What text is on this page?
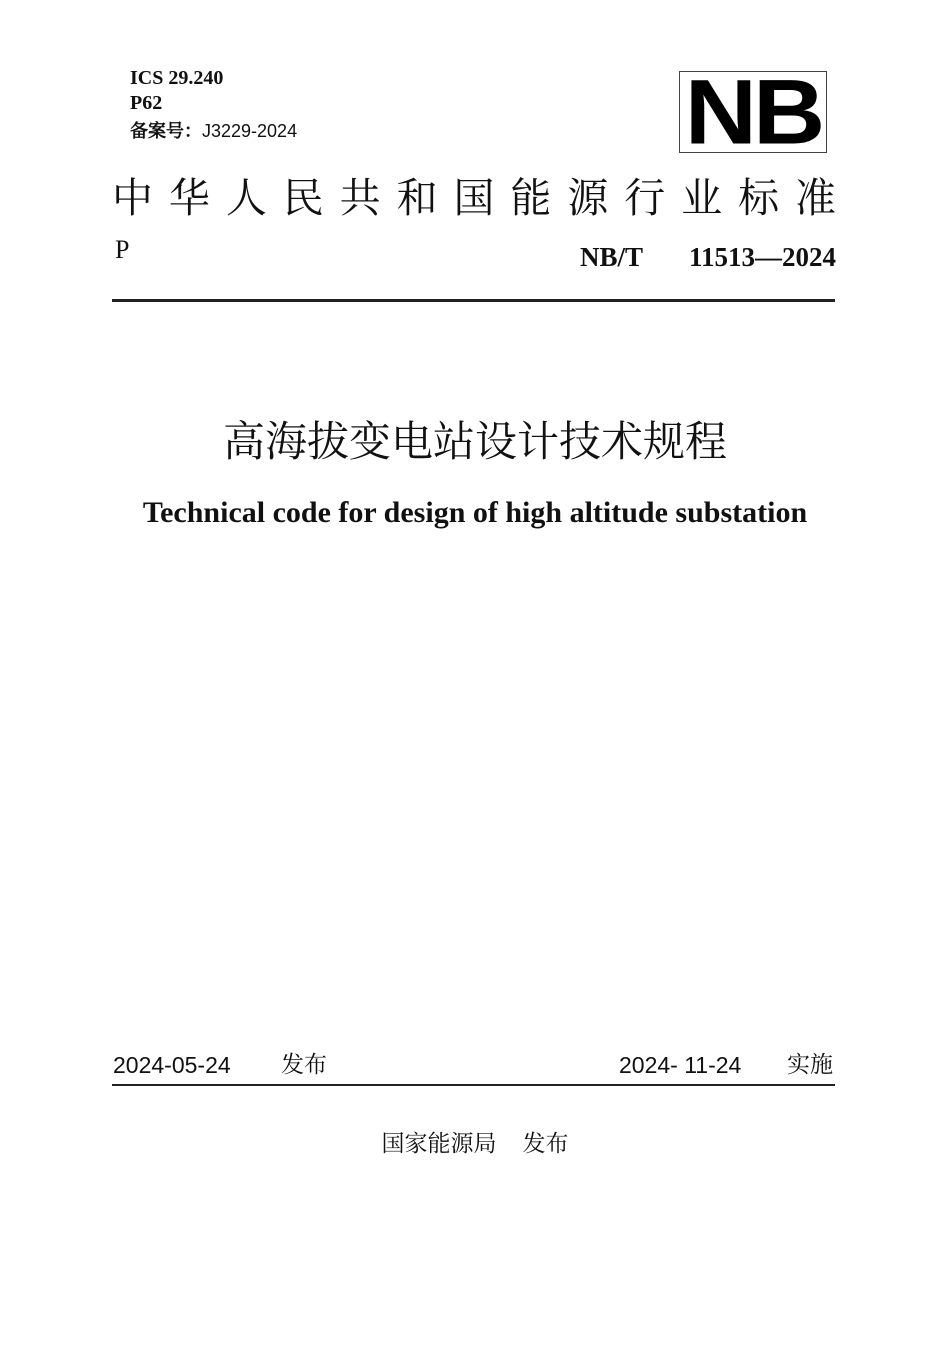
ICS 29.240
P62
备案号：J3229-2024	NB
中华人民共和国能源行业标准
P	NB/T 11513—2024
高海拔变电站设计技术规程
Technical code for design of high altitude substation
2024-05-24 发布	2024- 11-24 实施
国家能源局 发布
